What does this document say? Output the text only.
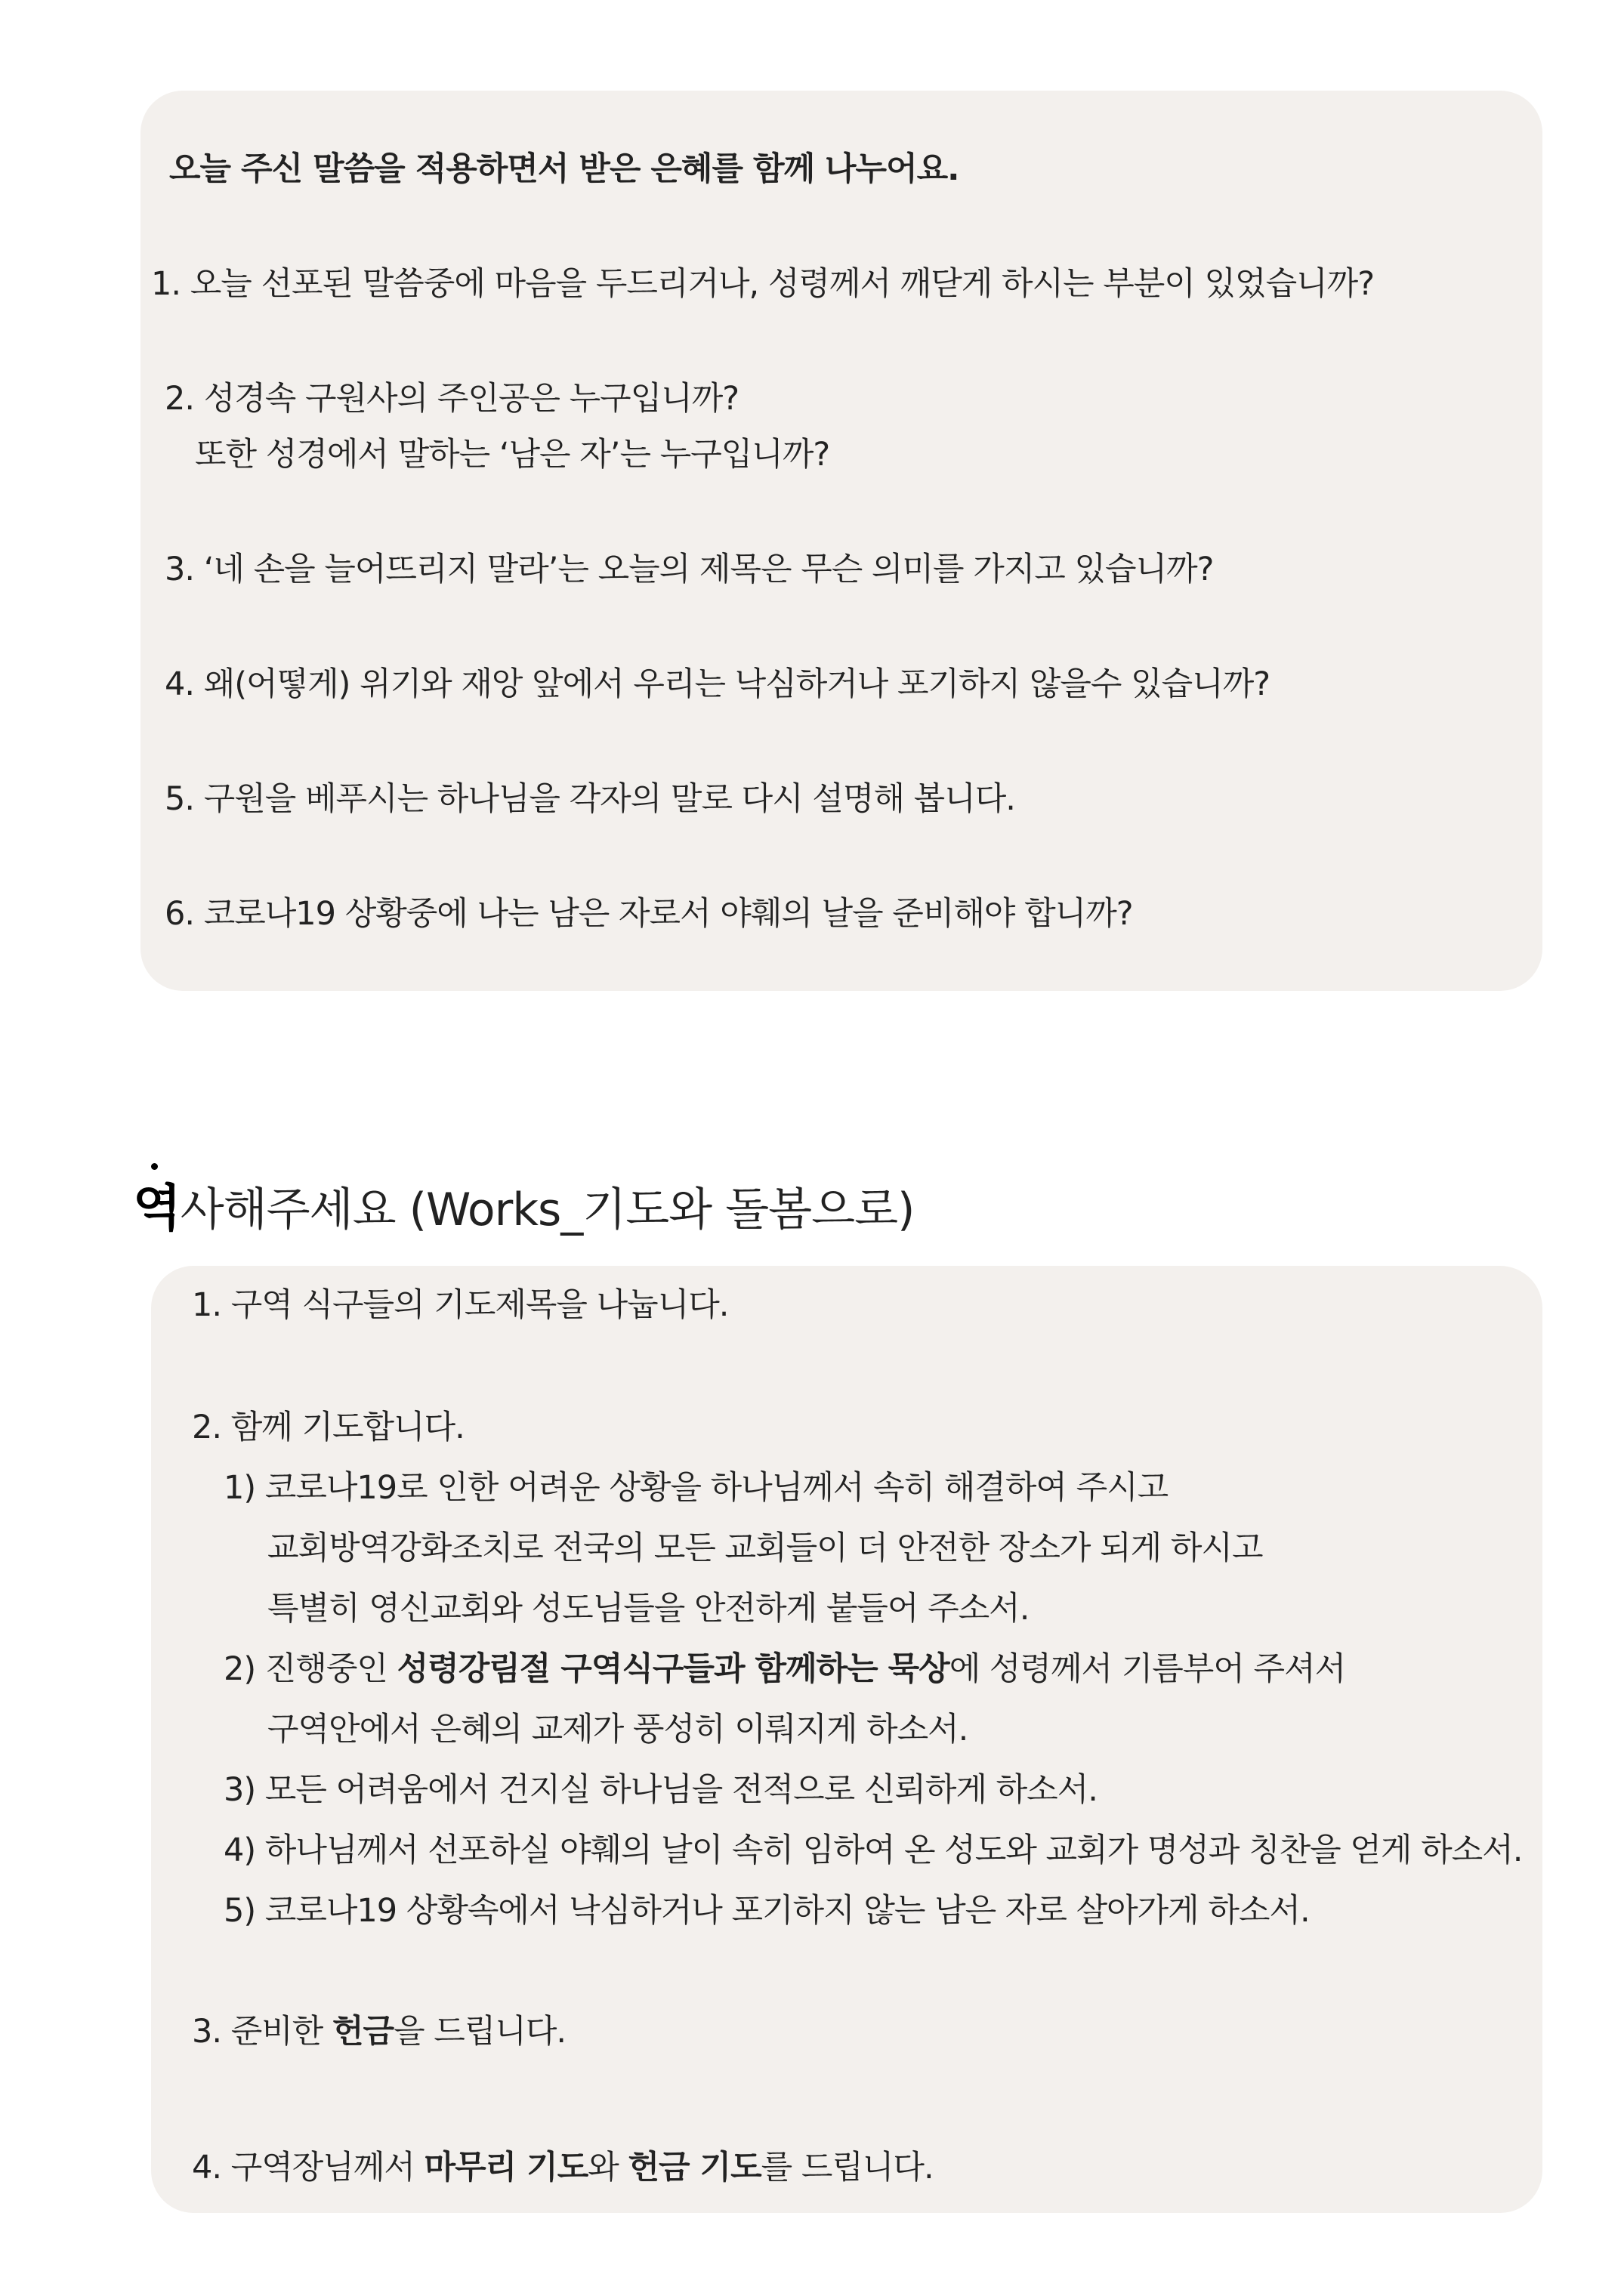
오늘 주신 말씀을 적용하면서 받은 은혜를 함께 나누어요.
1. 오늘 선포된 말씀중에 마음을 두드리거나, 성령께서 깨닫게 하시는 부분이 있었습니까?
2. 성경속 구원사의 주인공은 누구입니까?
또한 성경에서 말하는 ‘남은 자’는 누구입니까?
3. ‘네 손을 늘어뜨리지 말라’는 오늘의 제목은 무슨 의미를 가지고 있습니까?
4. 왜(어떻게) 위기와 재앙 앞에서 우리는 낙심하거나 포기하지 않을수 있습니까?
5. 구원을 베푸시는 하나님을 각자의 말로 다시 설명해 봅니다.
6. 코로나19 상황중에 나는 남은 자로서 야훼의 날을 준비해야 합니까?
역사해주세요 (Works_기도와 돌봄으로)
1. 구역 식구들의 기도제목을 나눕니다.
2. 함께 기도합니다.
1) 코로나19로 인한 어려운 상황을 하나님께서 속히 해결하여 주시고
교회방역강화조치로 전국의 모든 교회들이 더 안전한 장소가 되게 하시고
특별히 영신교회와 성도님들을 안전하게 붙들어 주소서.
2) 진행중인 성령강림절 구역식구들과 함께하는 묵상에 성령께서 기름부어 주셔서
구역안에서 은혜의 교제가 풍성히 이뤄지게 하소서.
3) 모든 어려움에서 건지실 하나님을 전적으로 신뢰하게 하소서.
4) 하나님께서 선포하실 야훼의 날이 속히 임하여 온 성도와 교회가 명성과 칭찬을 얻게 하소서.
5) 코로나19 상황속에서 낙심하거나 포기하지 않는 남은 자로 살아가게 하소서.
3. 준비한 헌금을 드립니다.
4. 구역장님께서 마무리 기도와 헌금 기도를 드립니다.
